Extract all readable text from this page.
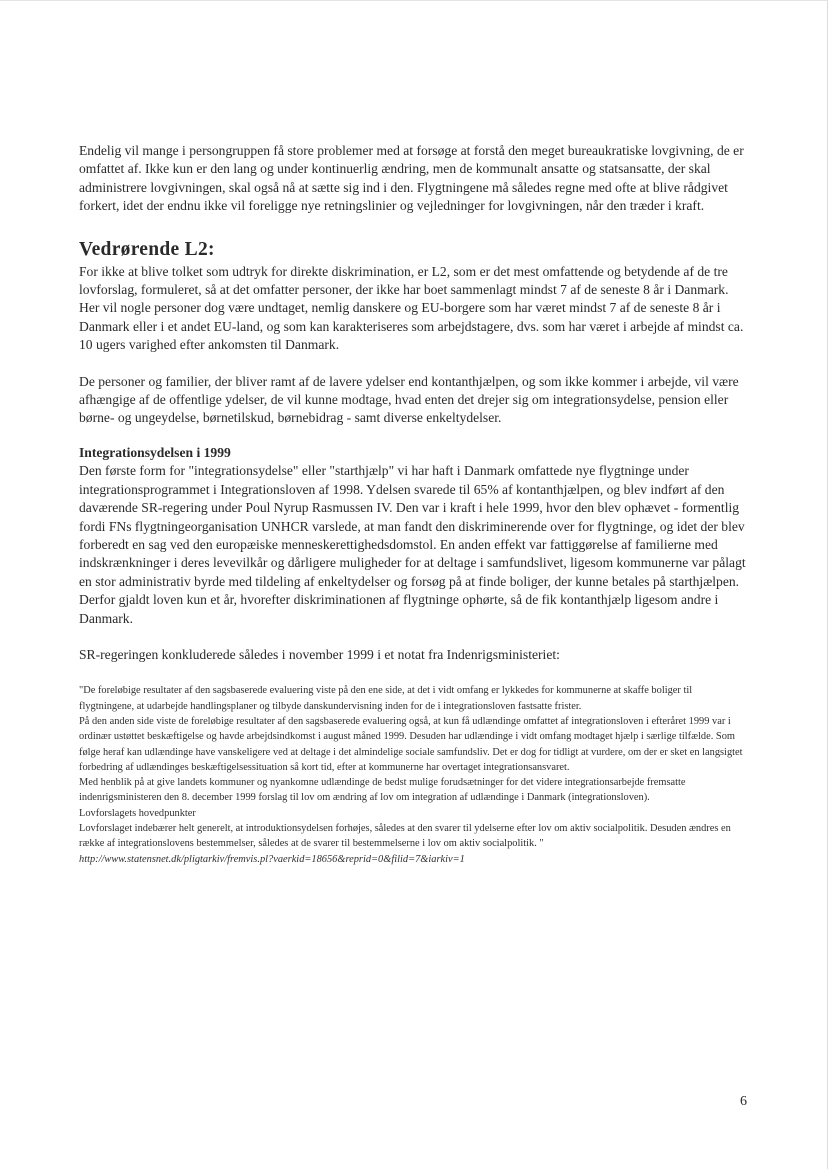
Endelig vil mange i persongruppen få store problemer med at forsøge at forstå den meget bureaukratiske lovgivning, de er omfattet af. Ikke kun er den lang og under kontinuerlig ændring, men de kommunalt ansatte og statsansatte, der skal administrere lovgivningen, skal også nå at sætte sig ind i den. Flygtningene må således regne med ofte at blive rådgivet forkert, idet der endnu ikke vil foreligge nye retningslinier og vejledninger for lovgivningen, når den træder i kraft.

Vedrørende L2:

For ikke at blive tolket som udtryk for direkte diskrimination, er L2, som er det mest omfattende og betydende af de tre lovforslag, formuleret, så at det omfatter personer, der ikke har boet sammenlagt mindst 7 af de seneste 8 år i Danmark. Her vil nogle personer dog være undtaget, nemlig danskere og EU-borgere som har været mindst 7 af de seneste 8 år i Danmark eller i et andet EU-land, og som kan karakteriseres som arbejdstagere, dvs. som har været i arbejde af mindst ca. 10 ugers varighed efter ankomsten til Danmark.

De personer og familier, der bliver ramt af de lavere ydelser end kontanthjælpen, og som ikke kommer i arbejde, vil være afhængige af de offentlige ydelser, de vil kunne modtage, hvad enten det drejer sig om integrationsydelse, pension eller børne- og ungeydelse, børnetilskud, børnebidrag - samt diverse enkeltydelser.

Integrationsydelsen i 1999

Den første form for "integrationsydelse" eller "starthjælp" vi har haft i Danmark omfattede nye flygtninge under integrationsprogrammet i Integrationsloven af 1998. Ydelsen svarede til 65% af kontanthjælpen, og blev indført af den daværende SR-regering under Poul Nyrup Rasmussen IV. Den var i kraft i hele 1999, hvor den blev ophævet - formentlig fordi FNs flygtningeorganisation UNHCR varslede, at man fandt den diskriminerende over for flygtninge, og idet der blev forberedt en sag ved den europæiske menneskerettighedsdomstol. En anden effekt var fattiggørelse af familierne med indskrænkninger i deres levevilkår og dårligere muligheder for at deltage i samfundslivet, ligesom kommunerne var pålagt en stor administrativ byrde med tildeling af enkeltydelser og forsøg på at finde boliger, der kunne betales på starthjælpen. Derfor gjaldt loven kun et år, hvorefter diskriminationen af flygtninge ophørte, så de fik kontanthjælp ligesom andre i Danmark.

SR-regeringen konkluderede således i november 1999 i et notat fra Indenrigsministeriet:

"De foreløbige resultater af den sagsbaserede evaluering viste på den ene side, at det i vidt omfang er lykkedes for kommunerne at skaffe boliger til flygtningene, at udarbejde handlingsplaner og tilbyde danskundervisning inden for de i integrationsloven fastsatte frister.

På den anden side viste de foreløbige resultater af den sagsbaserede evaluering også, at kun få udlændinge omfattet af integrationsloven i efteråret 1999 var i ordinær ustøttet beskæftigelse og havde arbejdsindkomst i august måned 1999. Desuden har udlændinge i vidt omfang modtaget hjælp i særlige tilfælde. Som følge heraf kan udlændinge have vanskeligere ved at deltage i det almindelige sociale samfundsliv. Det er dog for tidligt at vurdere, om der er sket en langsigtet forbedring af udlændinges beskæftigelsessituation så kort tid, efter at kommunerne har overtaget integrationsansvaret.

Med henblik på at give landets kommuner og nyankomne udlændinge de bedst mulige forudsætninger for det videre integrationsarbejde fremsatte indenrigsministeren den 8. december 1999 forslag til lov om ændring af lov om integration af udlændinge i Danmark (integrationsloven).

Lovforslagets hovedpunkter

Lovforslaget indebærer helt generelt, at introduktionsydelsen forhøjes, således at den svarer til ydelserne efter lov om aktiv socialpolitik. Desuden ændres en række af integrationslovens bestemmelser, således at de svarer til bestemmelserne i lov om aktiv socialpolitik. "

http://www.statensnet.dk/pligtarkiv/fremvis.pl?vaerkid=18656&reprid=0&filid=7&iarkiv=1

6
